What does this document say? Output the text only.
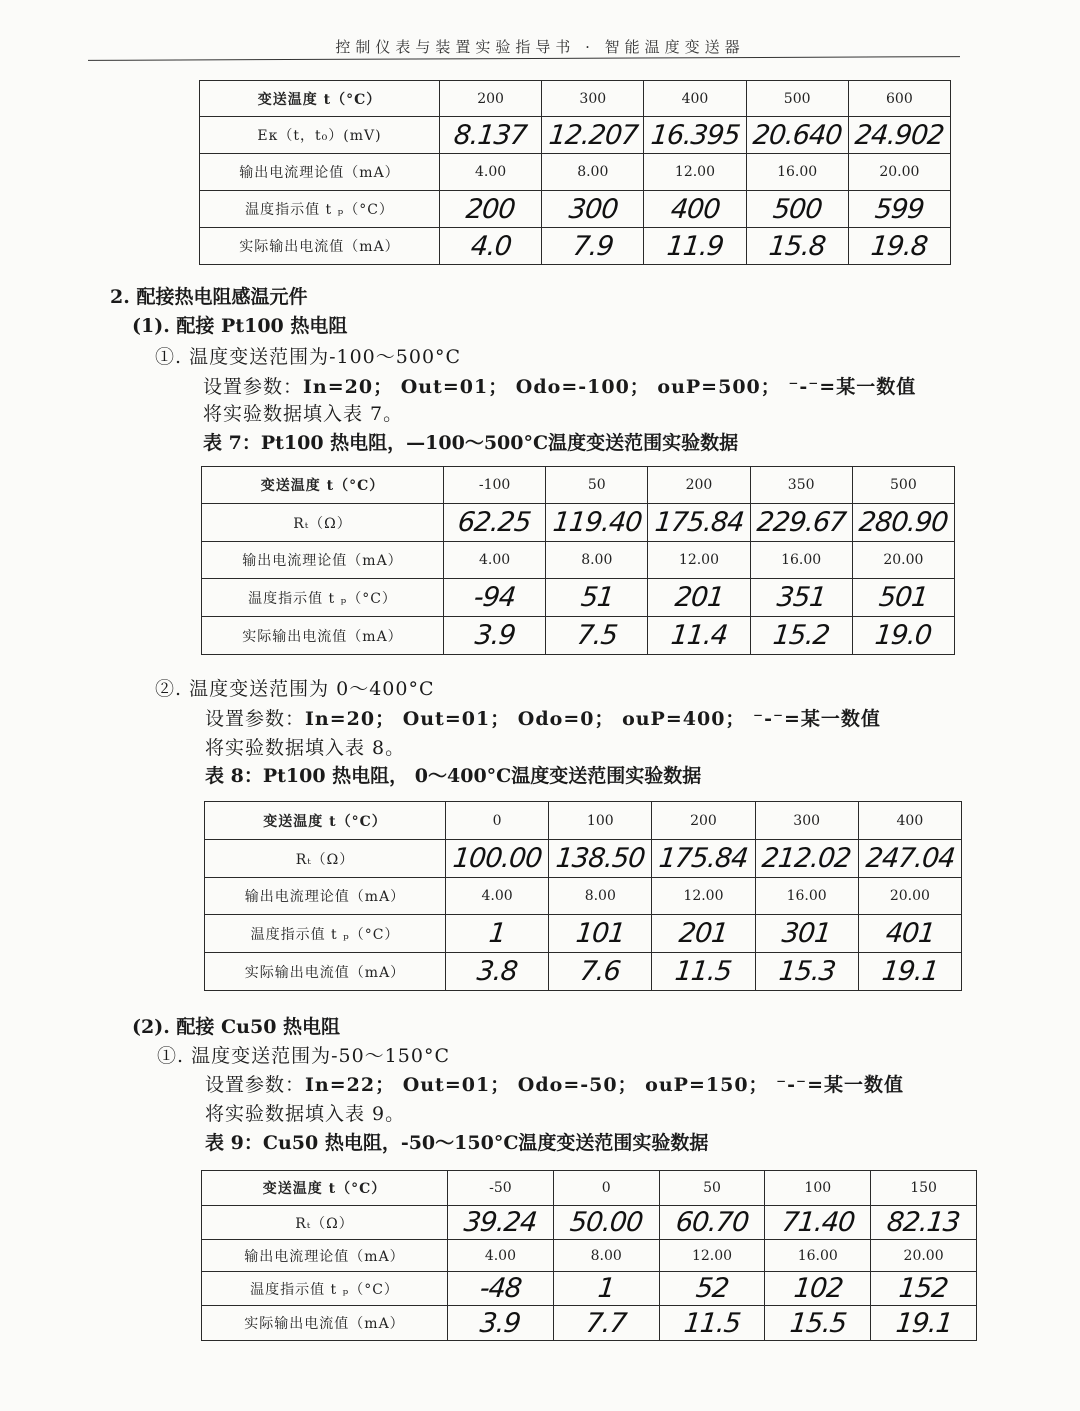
控制仪表与装置实验指导书 · 智能温度变送器
变送温度 t（°C）	200	300	400	500	600
Eκ（t，t₀）(mV)	8.137	12.207	16.395	20.640	24.902
输出电流理论值（mA）	4.00	8.00	12.00	16.00	20.00
温度指示值 t ₚ（°C）	200	300	400	500	599
实际输出电流值（mA）	4.0	7.9	11.9	15.8	19.8
2. 配接热电阻感温元件
(1). 配接 Pt100 热电阻
①. 温度变送范围为-100～500°C
设置参数：In=20； Out=01； Odo=-100； ouP=500； ⁻-⁻=某一数值
将实验数据填入表 7。
表 7：Pt100 热电阻，—100～500°C温度变送范围实验数据
变送温度 t（°C）	-100	50	200	350	500
Rₜ（Ω）	62.25	119.40	175.84	229.67	280.90
输出电流理论值（mA）	4.00	8.00	12.00	16.00	20.00
温度指示值 t ₚ（°C）	-94	51	201	351	501
实际输出电流值（mA）	3.9	7.5	11.4	15.2	19.0
②. 温度变送范围为 0～400°C
设置参数：In=20； Out=01； Odo=0； ouP=400； ⁻-⁻=某一数值
将实验数据填入表 8。
表 8：Pt100 热电阻， 0～400°C温度变送范围实验数据
变送温度 t（°C）	0	100	200	300	400
Rₜ（Ω）	100.00	138.50	175.84	212.02	247.04
输出电流理论值（mA）	4.00	8.00	12.00	16.00	20.00
温度指示值 t ₚ（°C）	1	101	201	301	401
实际输出电流值（mA）	3.8	7.6	11.5	15.3	19.1
(2). 配接 Cu50 热电阻
①. 温度变送范围为-50～150°C
设置参数：In=22； Out=01； Odo=-50； ouP=150； ⁻-⁻=某一数值
将实验数据填入表 9。
表 9：Cu50 热电阻，-50～150°C温度变送范围实验数据
变送温度 t（°C）	-50	0	50	100	150
Rₜ（Ω）	39.24	50.00	60.70	71.40	82.13
输出电流理论值（mA）	4.00	8.00	12.00	16.00	20.00
温度指示值 t ₚ（°C）	-48	1	52	102	152
实际输出电流值（mA）	3.9	7.7	11.5	15.5	19.1
